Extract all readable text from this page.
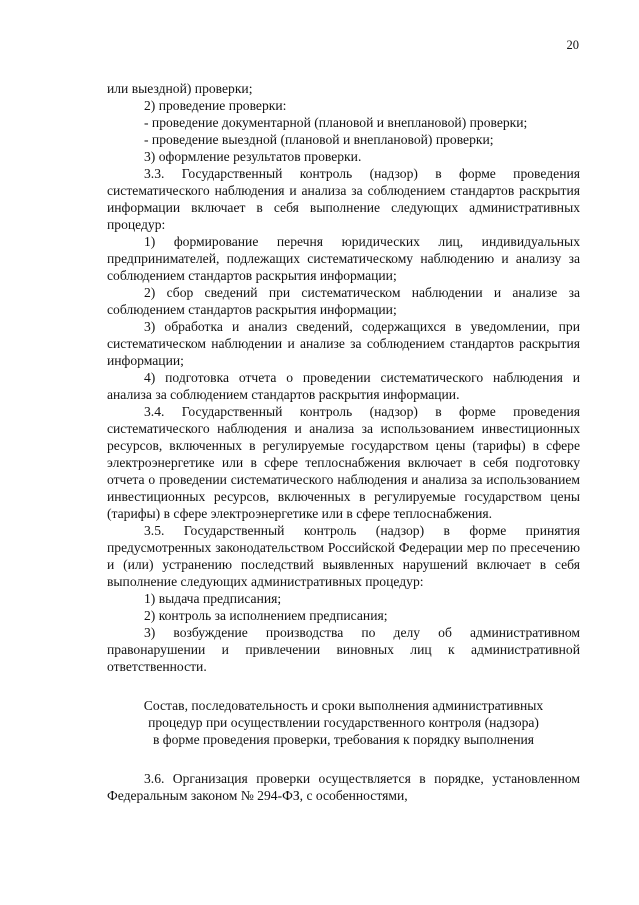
20

или выездной) проверки;

2) проведение проверки:

- проведение документарной (плановой и внеплановой) проверки;

- проведение выездной (плановой и внеплановой) проверки;

3) оформление результатов проверки.

3.3. Государственный контроль (надзор) в форме проведения систематического наблюдения и анализа за соблюдением стандартов раскрытия информации включает в себя выполнение следующих административных процедур:

1) формирование перечня юридических лиц, индивидуальных предпринимателей, подлежащих систематическому наблюдению и анализу за соблюдением стандартов раскрытия информации;

2) сбор сведений при систематическом наблюдении и анализе за соблюдением стандартов раскрытия информации;

3) обработка и анализ сведений, содержащихся в уведомлении, при систематическом наблюдении и анализе за соблюдением стандартов раскрытия информации;

4) подготовка отчета о проведении систематического наблюдения и анализа за соблюдением стандартов раскрытия информации.

3.4. Государственный контроль (надзор) в форме проведения систематического наблюдения и анализа за использованием инвестиционных ресурсов, включенных в регулируемые государством цены (тарифы) в сфере электроэнергетике или в сфере теплоснабжения включает в себя подготовку отчета о проведении систематического наблюдения и анализа за использованием инвестиционных ресурсов, включенных в регулируемые государством цены (тарифы) в сфере электроэнергетике или в сфере теплоснабжения.

3.5. Государственный контроль (надзор) в форме принятия предусмотренных законодательством Российской Федерации мер по пресечению и (или) устранению последствий выявленных нарушений включает в себя выполнение следующих административных процедур:

1) выдача предписания;

2) контроль за исполнением предписания;

3) возбуждение производства по делу об административном правонарушении и привлечении виновных лиц к административной ответственности.

Состав, последовательность и сроки выполнения административных
процедур при осуществлении государственного контроля (надзора)
в форме проведения проверки, требования к порядку выполнения

3.6. Организация проверки осуществляется в порядке, установленном Федеральным законом № 294-ФЗ, с особенностями,
